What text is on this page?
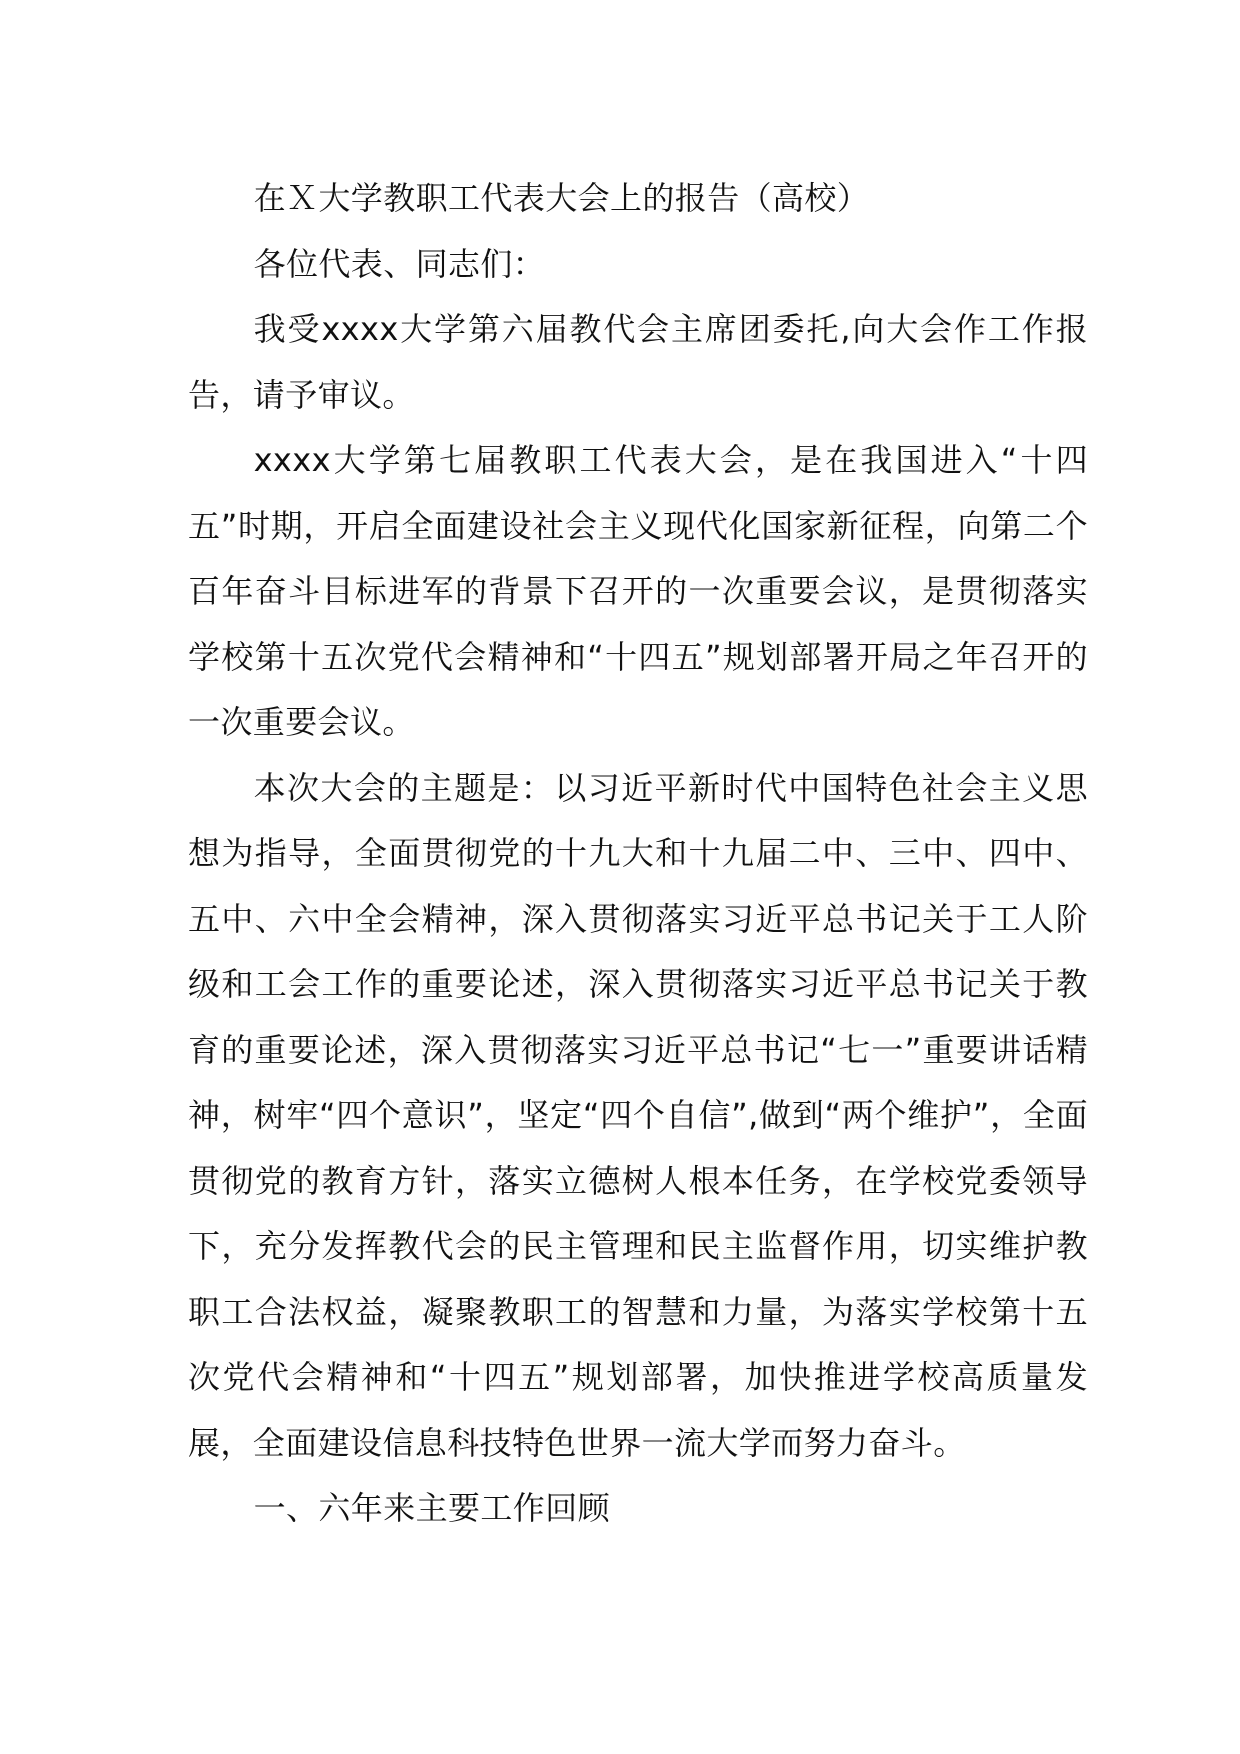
在Ｘ大学教职工代表大会上的报告（高校）

各位代表、同志们：

我受xxxx大学第六届教代会主席团委托,向大会作工作报告，请予审议。

xxxx大学第七届教职工代表大会，是在我国进入“十四五”时期，开启全面建设社会主义现代化国家新征程，向第二个百年奋斗目标进军的背景下召开的一次重要会议，是贯彻落实学校第十五次党代会精神和“十四五”规划部署开局之年召开的一次重要会议。

本次大会的主题是：以习近平新时代中国特色社会主义思想为指导，全面贯彻党的十九大和十九届二中、三中、四中、五中、六中全会精神，深入贯彻落实习近平总书记关于工人阶级和工会工作的重要论述，深入贯彻落实习近平总书记关于教育的重要论述，深入贯彻落实习近平总书记“七一”重要讲话精神，树牢“四个意识”，坚定“四个自信”,做到“两个维护”，全面贯彻党的教育方针，落实立德树人根本任务，在学校党委领导下，充分发挥教代会的民主管理和民主监督作用，切实维护教职工合法权益，凝聚教职工的智慧和力量，为落实学校第十五次党代会精神和“十四五”规划部署，加快推进学校高质量发展，全面建设信息科技特色世界一流大学而努力奋斗。

一、六年来主要工作回顾
